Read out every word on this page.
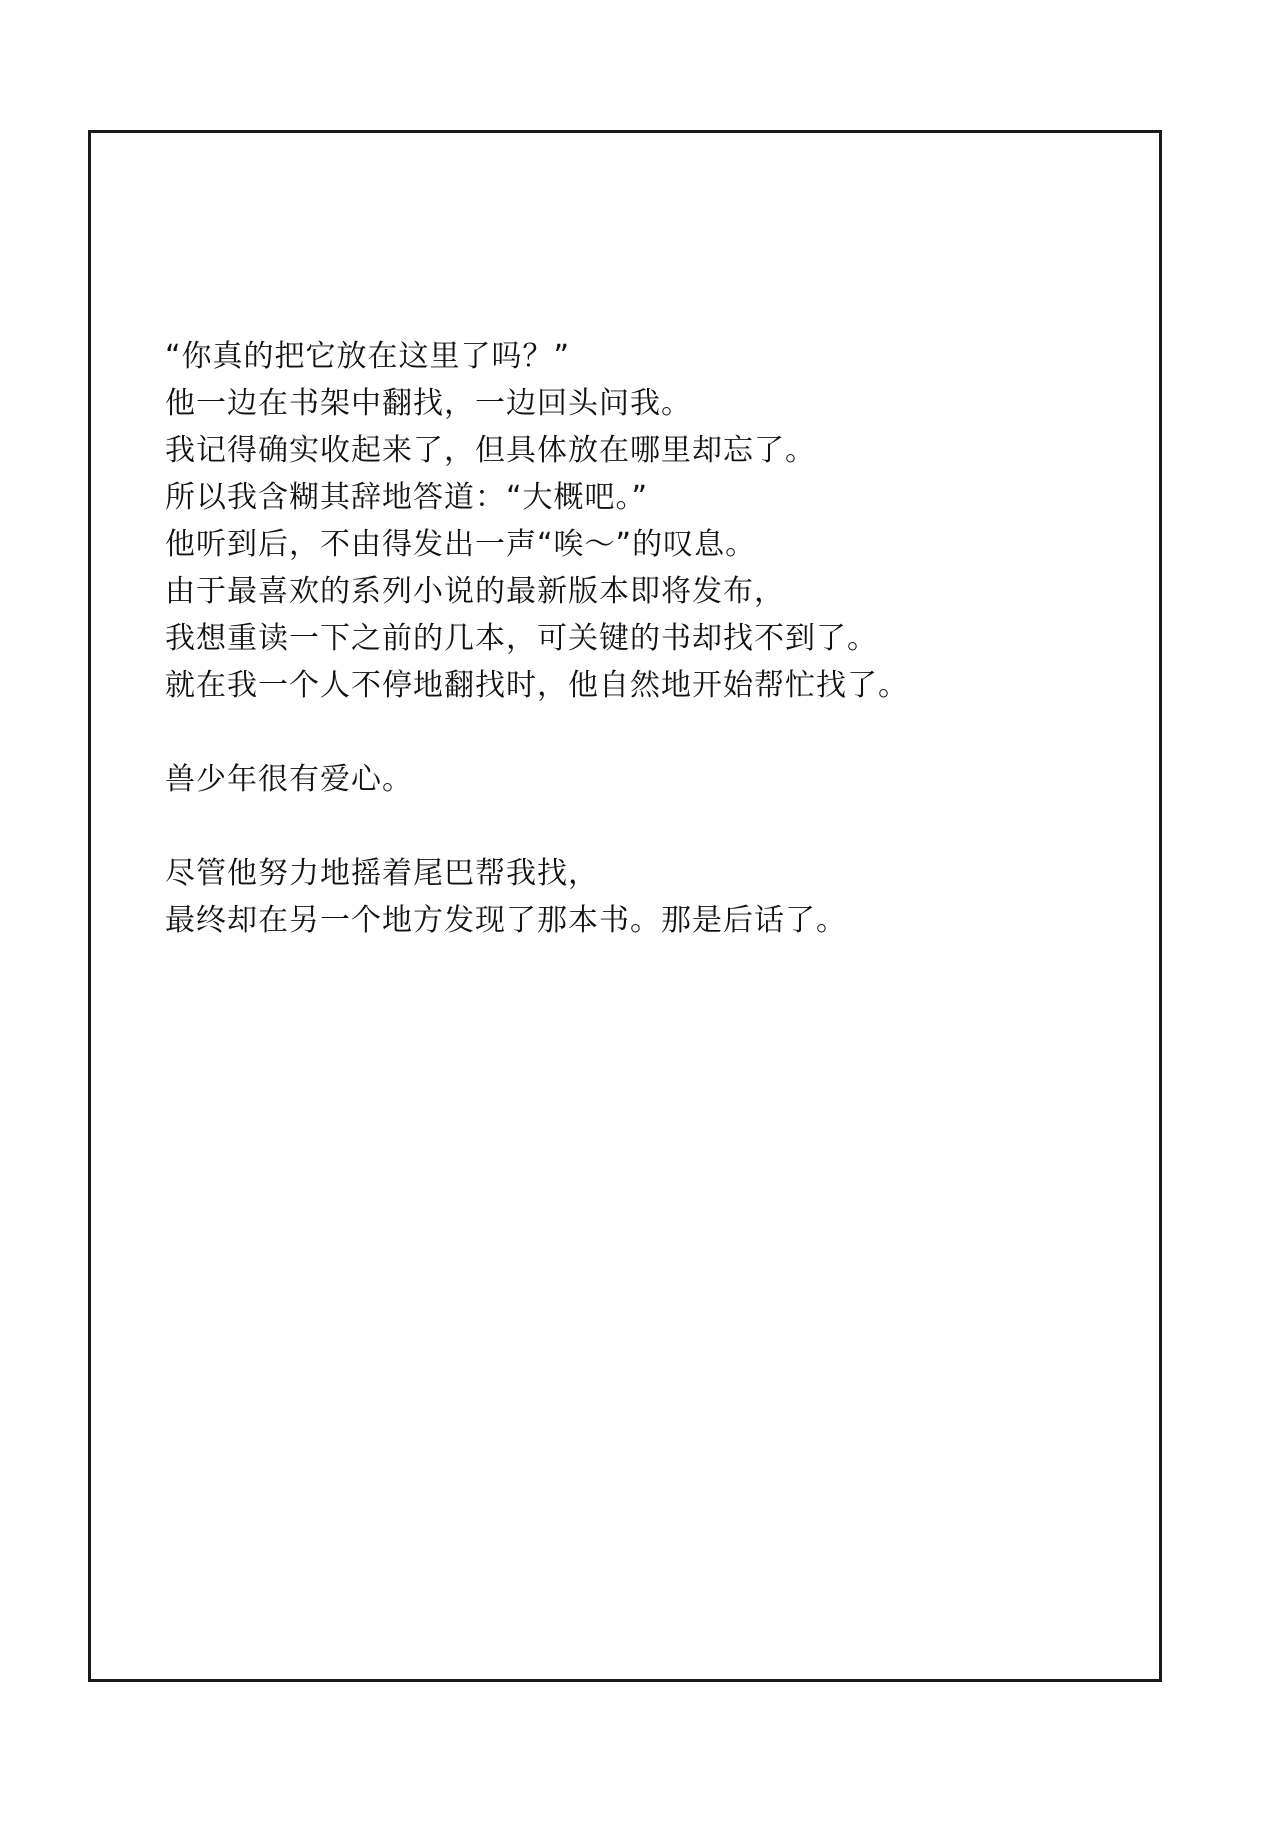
“你真的把它放在这里了吗？”

他一边在书架中翻找，一边回头问我。

我记得确实收起来了，但具体放在哪里却忘了。

所以我含糊其辞地答道：“大概吧。”

他听到后，不由得发出一声“唉～”的叹息。

由于最喜欢的系列小说的最新版本即将发布，

我想重读一下之前的几本，可关键的书却找不到了。

就在我一个人不停地翻找时，他自然地开始帮忙找了。

兽少年很有爱心。

尽管他努力地摇着尾巴帮我找，

最终却在另一个地方发现了那本书。那是后话了。
